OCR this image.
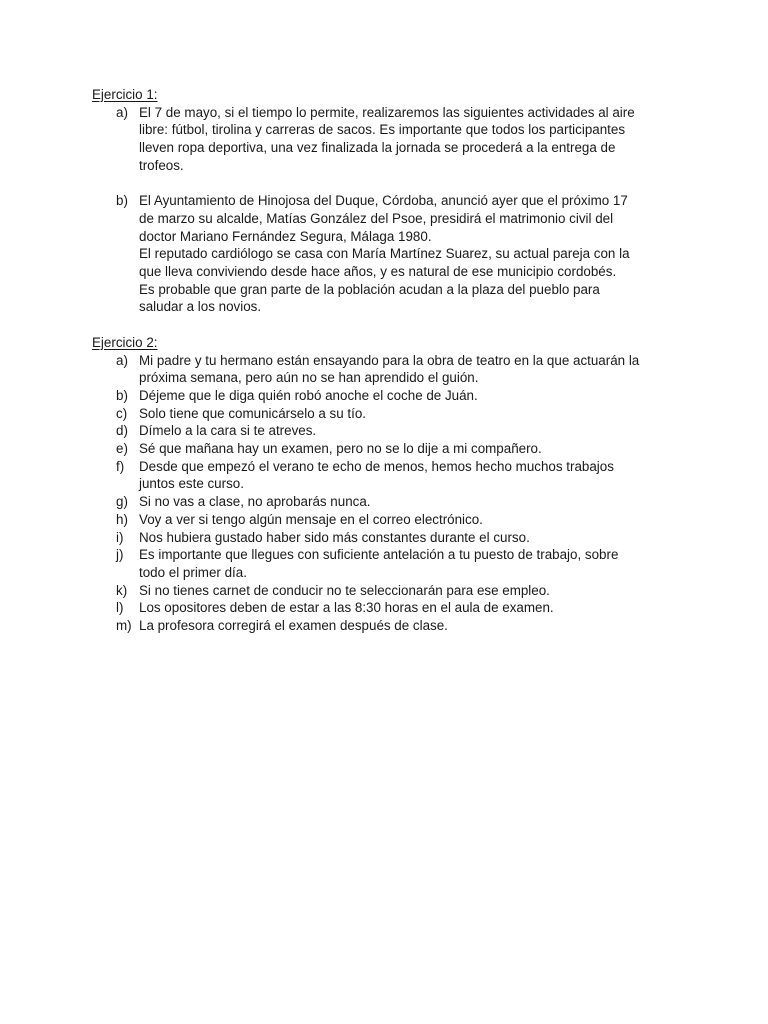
Ejercicio 1:
a) El 7 de mayo, si el tiempo lo permite, realizaremos las siguientes actividades al aire
libre: fútbol, tirolina y carreras de sacos. Es importante que todos los participantes
lleven ropa deportiva, una vez finalizada la jornada se procederá a la entrega de
trofeos.
b) El Ayuntamiento de Hinojosa del Duque, Córdoba, anunció ayer que el próximo 17
de marzo su alcalde, Matías González del Psoe, presidirá el matrimonio civil del
doctor Mariano Fernández Segura, Málaga 1980.
El reputado cardiólogo se casa con María Martínez Suarez, su actual pareja con la
que lleva conviviendo desde hace años, y es natural de ese municipio cordobés.
Es probable que gran parte de la población acudan a la plaza del pueblo para
saludar a los novios.
Ejercicio 2:
a) Mi padre y tu hermano están ensayando para la obra de teatro en la que actuarán la
próxima semana, pero aún no se han aprendido el guión.
b) Déjeme que le diga quién robó anoche el coche de Juán.
c) Solo tiene que comunicárselo a su tío.
d) Dímelo a la cara si te atreves.
e) Sé que mañana hay un examen, pero no se lo dije a mi compañero.
f)	Desde que empezó el verano te echo de menos, hemos hecho muchos trabajos
juntos este curso.
g) Si no vas a clase, no aprobarás nunca.
h) Voy a ver si tengo algún mensaje en el correo electrónico.
i)	Nos hubiera gustado haber sido más constantes durante el curso.
j)	Es importante que llegues con suficiente antelación a tu puesto de trabajo, sobre
todo el primer día.
k) Si no tienes carnet de conducir no te seleccionarán para ese empleo.
l)	Los opositores deben de estar a las 8:30 horas en el aula de examen.
m) La profesora corregirá el examen después de clase.
